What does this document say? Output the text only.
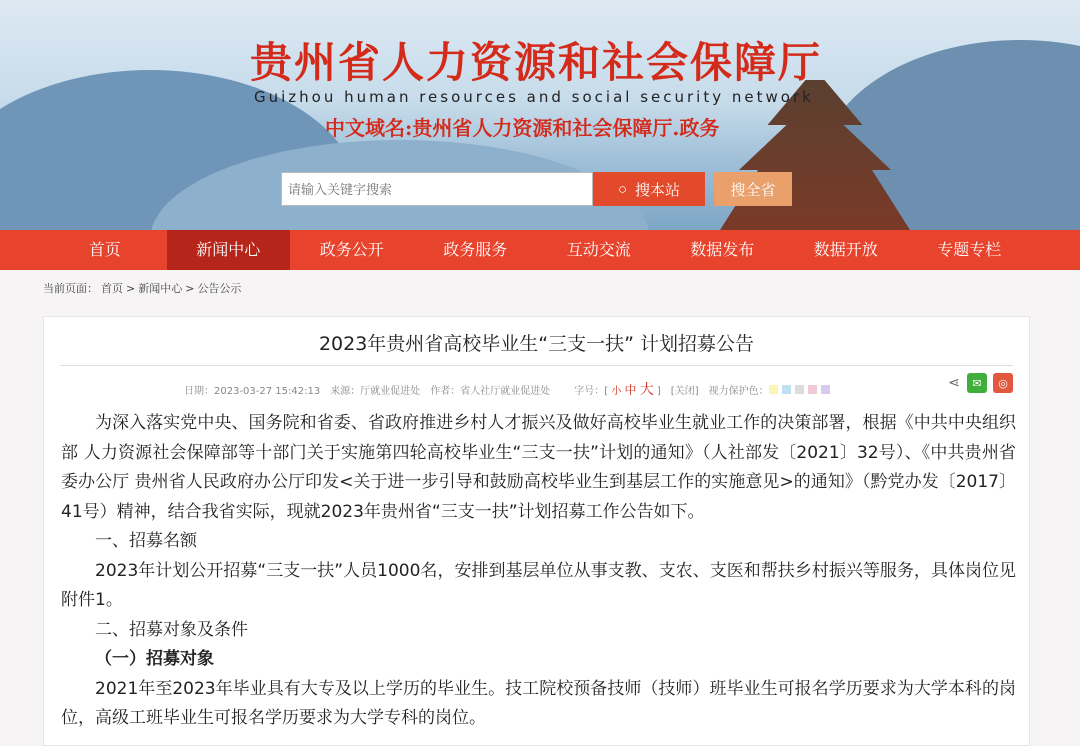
贵州省人力资源和社会保障厅
Guizhou human resources and social security network
中文域名:贵州省人力资源和社会保障厅.政务
请输入关键字搜索
○ 搜本站	搜全省
首页	新闻中心	政务公开	政务服务	互动交流	数据发布	数据开放	专题专栏
当前页面： 首页 > 新闻中心 > 公告公示
2023年贵州省高校毕业生“三支一扶” 计划招募公告
日期：2023-03-27 15:42:13 来源：厅就业促进处 作者：省人社厅就业促进处 字号：[ 小 中 大 ] [关闭] 视力保护色：	⋖	✉	◎

为深入落实党中央、国务院和省委、省政府推进乡村人才振兴及做好高校毕业生就业工作的决策部署，根据《中共中央组织部 人力资源社会保障部等十部门关于实施第四轮高校毕业生“三支一扶”计划的通知》（人社部发〔2021〕32号）、《中共贵州省委办公厅 贵州省人民政府办公厅印发<关于进一步引导和鼓励高校毕业生到基层工作的实施意见>的通知》（黔党办发〔2017〕41号）精神，结合我省实际，现就2023年贵州省“三支一扶”计划招募工作公告如下。

一、招募名额

2023年计划公开招募“三支一扶”人员1000名，安排到基层单位从事支教、支农、支医和帮扶乡村振兴等服务，具体岗位见附件1。

二、招募对象及条件

（一）招募对象

2021年至2023年毕业具有大专及以上学历的毕业生。技工院校预备技师（技师）班毕业生可报名学历要求为大学本科的岗位，高级工班毕业生可报名学历要求为大学专科的岗位。
